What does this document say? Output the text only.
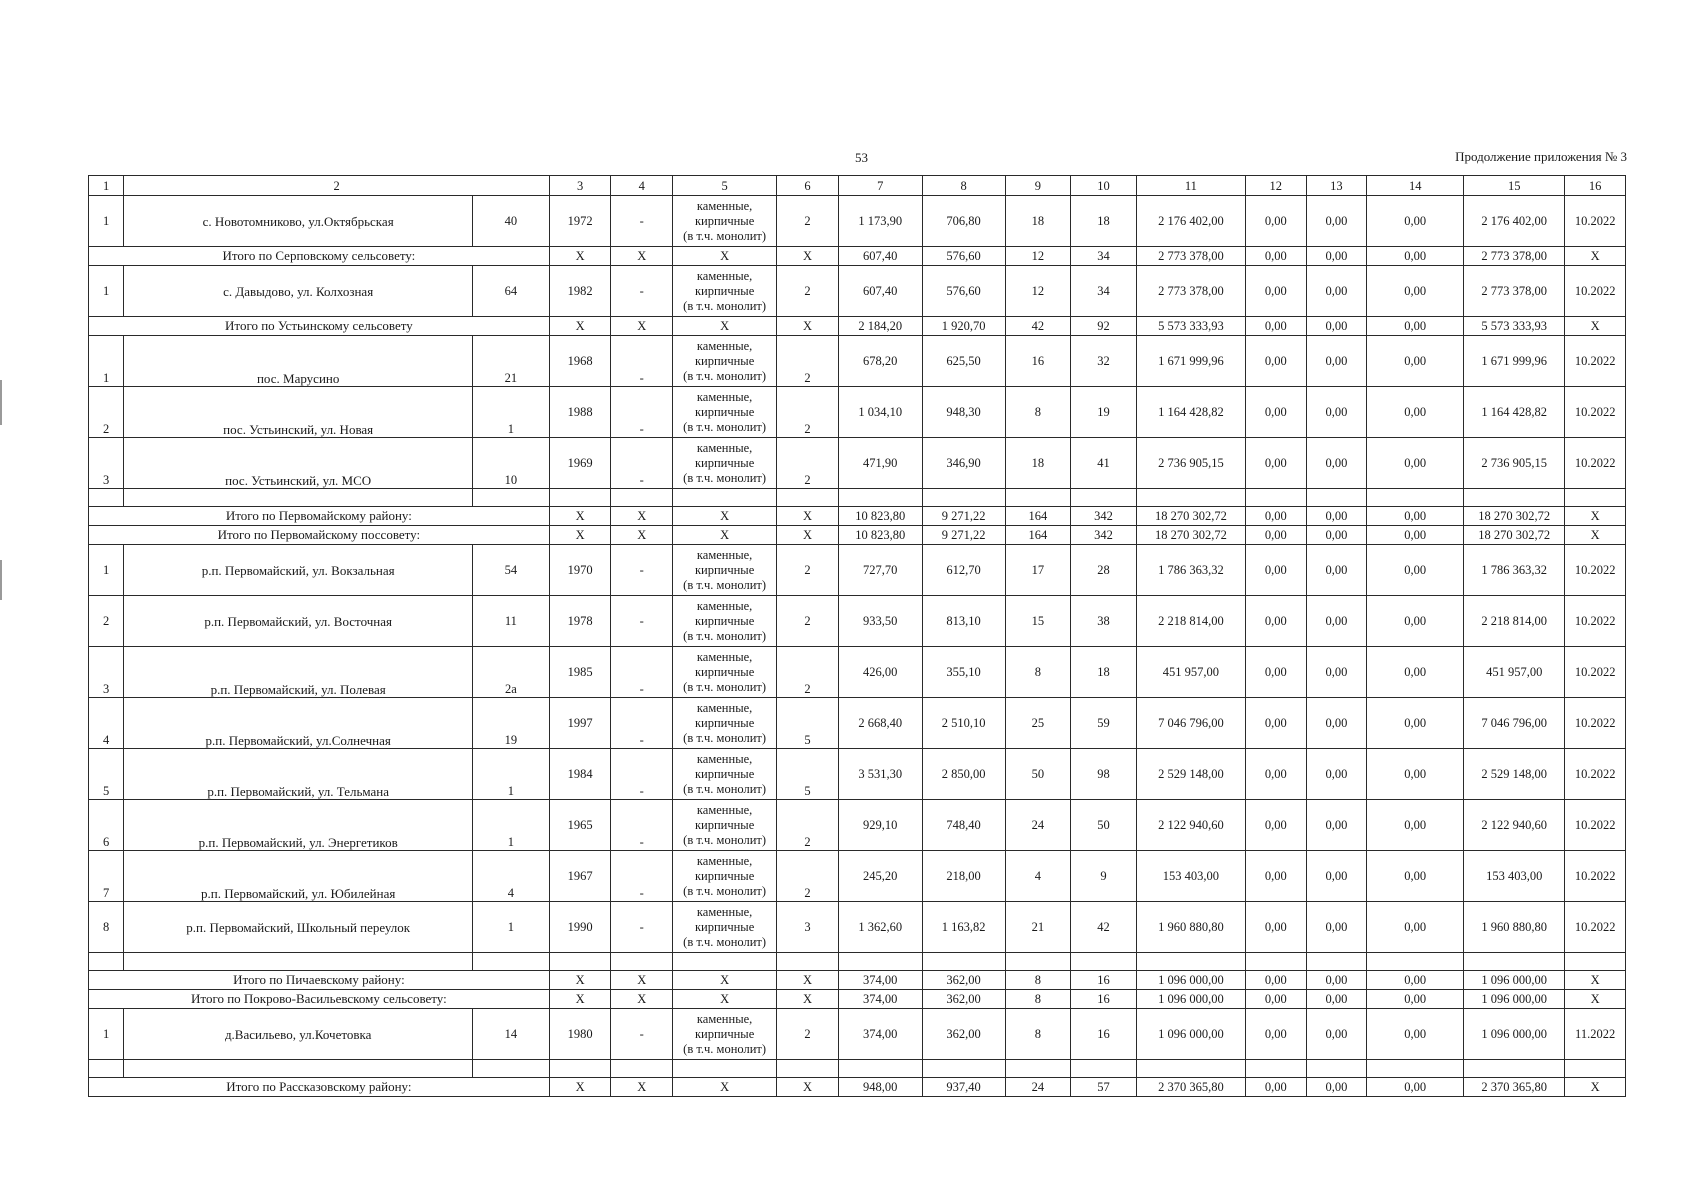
53	Продолжение приложения № 3
1	2		3	4	5	6	7	8	9	10	11	12	13	14	15	16
1	с. Новотомниково, ул.Октябрьская	40	1972	-	каменные,
кирпичные
(в т.ч. монолит)	2	1 173,90	706,80	18	18	2 176 402,00	0,00	0,00	0,00	2 176 402,00	10.2022
Итого по Серповскому сельсовету:			X	X	X	X	607,40	576,60	12	34	2 773 378,00	0,00	0,00	0,00	2 773 378,00	X
1	с. Давыдово, ул. Колхозная	64	1982	-	каменные,
кирпичные
(в т.ч. монолит)	2	607,40	576,60	12	34	2 773 378,00	0,00	0,00	0,00	2 773 378,00	10.2022
Итого по Устьинскому сельсовету			X	X	X	X	2 184,20	1 920,70	42	92	5 573 333,93	0,00	0,00	0,00	5 573 333,93	X
1	пос. Марусино	21	1968	-	каменные,
кирпичные
(в т.ч. монолит)	2	678,20	625,50	16	32	1 671 999,96	0,00	0,00	0,00	1 671 999,96	10.2022
2	пос. Устьинский, ул. Новая	1	1988	-	каменные,
кирпичные
(в т.ч. монолит)	2	1 034,10	948,30	8	19	1 164 428,82	0,00	0,00	0,00	1 164 428,82	10.2022
3	пос. Устьинский, ул. МСО	10	1969	-	каменные,
кирпичные
(в т.ч. монолит)	2	471,90	346,90	18	41	2 736 905,15	0,00	0,00	0,00	2 736 905,15	10.2022

Итого по Первомайскому району:			X	X	X	X	10 823,80	9 271,22	164	342	18 270 302,72	0,00	0,00	0,00	18 270 302,72	X
Итого по Первомайскому поссовету:			X	X	X	X	10 823,80	9 271,22	164	342	18 270 302,72	0,00	0,00	0,00	18 270 302,72	X
1	р.п. Первомайский, ул. Вокзальная	54	1970	-	каменные,
кирпичные
(в т.ч. монолит)	2	727,70	612,70	17	28	1 786 363,32	0,00	0,00	0,00	1 786 363,32	10.2022
2	р.п. Первомайский, ул. Восточная	11	1978	-	каменные,
кирпичные
(в т.ч. монолит)	2	933,50	813,10	15	38	2 218 814,00	0,00	0,00	0,00	2 218 814,00	10.2022
3	р.п. Первомайский, ул. Полевая	2а	1985	-	каменные,
кирпичные
(в т.ч. монолит)	2	426,00	355,10	8	18	451 957,00	0,00	0,00	0,00	451 957,00	10.2022
4	р.п. Первомайский, ул.Солнечная	19	1997	-	каменные,
кирпичные
(в т.ч. монолит)	5	2 668,40	2 510,10	25	59	7 046 796,00	0,00	0,00	0,00	7 046 796,00	10.2022
5	р.п. Первомайский, ул. Тельмана	1	1984	-	каменные,
кирпичные
(в т.ч. монолит)	5	3 531,30	2 850,00	50	98	2 529 148,00	0,00	0,00	0,00	2 529 148,00	10.2022
6	р.п. Первомайский, ул. Энергетиков	1	1965	-	каменные,
кирпичные
(в т.ч. монолит)	2	929,10	748,40	24	50	2 122 940,60	0,00	0,00	0,00	2 122 940,60	10.2022
7	р.п. Первомайский, ул. Юбилейная	4	1967	-	каменные,
кирпичные
(в т.ч. монолит)	2	245,20	218,00	4	9	153 403,00	0,00	0,00	0,00	153 403,00	10.2022
8	р.п. Первомайский, Школьный переулок	1	1990	-	каменные,
кирпичные
(в т.ч. монолит)	3	1 362,60	1 163,82	21	42	1 960 880,80	0,00	0,00	0,00	1 960 880,80	10.2022

Итого по Пичаевскому району:			X	X	X	X	374,00	362,00	8	16	1 096 000,00	0,00	0,00	0,00	1 096 000,00	X
Итого по Покрово-Васильевскому сельсовету:			X	X	X	X	374,00	362,00	8	16	1 096 000,00	0,00	0,00	0,00	1 096 000,00	X
1	д.Васильево, ул.Кочетовка	14	1980	-	каменные,
кирпичные
(в т.ч. монолит)	2	374,00	362,00	8	16	1 096 000,00	0,00	0,00	0,00	1 096 000,00	11.2022

Итого по Рассказовскому району:			X	X	X	X	948,00	937,40	24	57	2 370 365,80	0,00	0,00	0,00	2 370 365,80	X
